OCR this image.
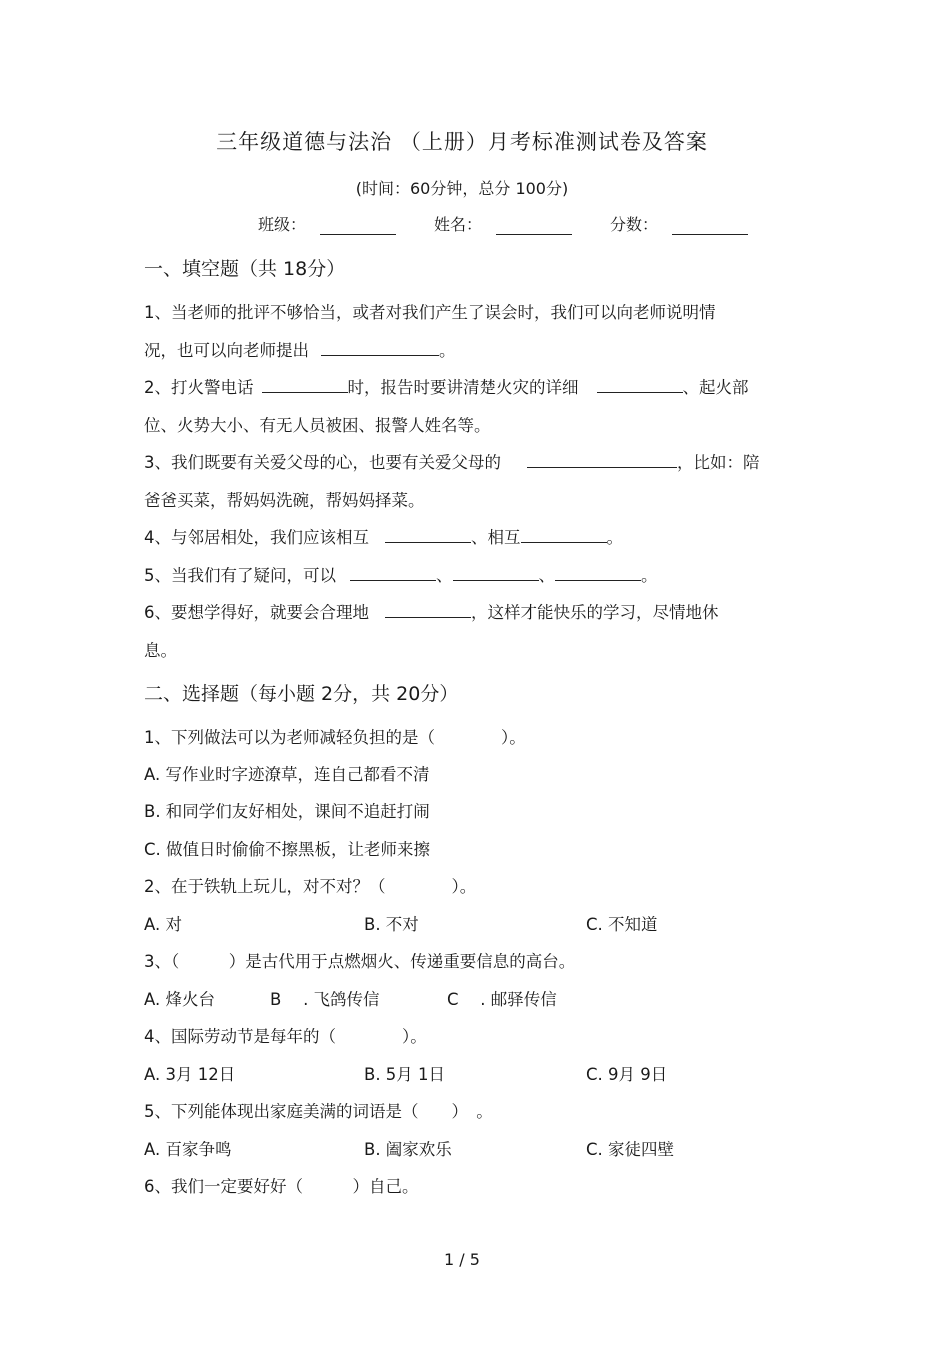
三年级道德与法治 （上册）月考标准测试卷及答案
(时间：60分钟，总分 100分)
班级：	姓名：	分数：
一、填空题（共 18分）
1、当老师的批评不够恰当，或者对我们产生了误会时，我们可以向老师说明情
况，也可以向老师提出	。
2、打火警电话	时，报告时要讲清楚火灾的详细	、起火部
位、火势大小、有无人员被困、报警人姓名等。
3、我们既要有关爱父母的心，也要有关爱父母的	，比如：陪
爸爸买菜，帮妈妈洗碗，帮妈妈择菜。
4、与邻居相处，我们应该相互	、相互	。
5、当我们有了疑问，可以	、	、	。
6、要想学得好，就要会合理地	，这样才能快乐的学习，尽情地休
息。
二、选择题（每小题 2分，共 20分）
1、下列做法可以为老师减轻负担的是（　　　　）。
A. 写作业时字迹潦草，连自己都看不清
B. 和同学们友好相处，课间不追赶打闹
C. 做值日时偷偷不擦黑板，让老师来擦
2、在于铁轨上玩儿，对不对？（　　　　）。
A. 对	B. 不对	C. 不知道
3、（　　　）是古代用于点燃烟火、传递重要信息的高台。
A. 烽火台	B　 . 飞鸽传信	C　 . 邮驿传信
4、国际劳动节是每年的（　　　　）。
A. 3月 12日	B. 5月 1日	C. 9月 9日
5、下列能体现出家庭美满的词语是（　　）　。
A. 百家争鸣	B. 阖家欢乐	C. 家徒四壁
6、我们一定要好好（　　　）自己。
1 / 5
